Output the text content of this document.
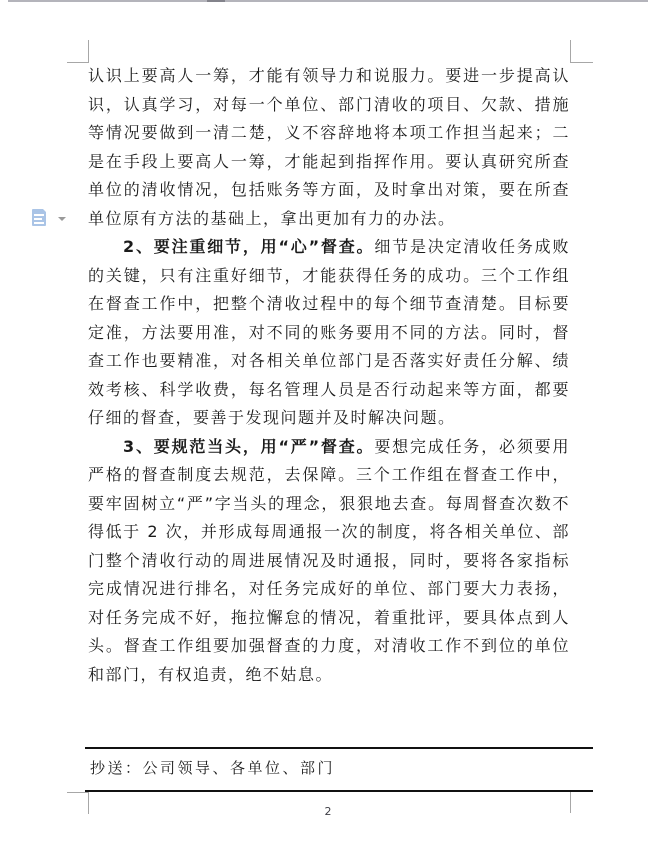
认识上要高人一筹，才能有领导力和说服力。要进一步提高认识，认真学习，对每一个单位、部门清收的项目、欠款、措施等情况要做到一清二楚，义不容辞地将本项工作担当起来；二是在手段上要高人一筹，才能起到指挥作用。要认真研究所查单位的清收情况，包括账务等方面，及时拿出对策，要在所查单位原有方法的基础上，拿出更加有力的办法。

2、要注重细节，用“心”督查。细节是决定清收任务成败的关键，只有注重好细节，才能获得任务的成功。三个工作组在督查工作中，把整个清收过程中的每个细节查清楚。目标要定准，方法要用准，对不同的账务要用不同的方法。同时，督查工作也要精准，对各相关单位部门是否落实好责任分解、绩效考核、科学收费，每名管理人员是否行动起来等方面，都要仔细的督查，要善于发现问题并及时解决问题。

3、要规范当头，用“严”督查。要想完成任务，必须要用严格的督查制度去规范，去保障。三个工作组在督查工作中，要牢固树立“严”字当头的理念，狠狠地去查。每周督查次数不得低于 2 次，并形成每周通报一次的制度，将各相关单位、部门整个清收行动的周进展情况及时通报，同时，要将各家指标完成情况进行排名，对任务完成好的单位、部门要大力表扬，对任务完成不好，拖拉懈怠的情况，着重批评，要具体点到人头。督查工作组要加强督查的力度，对清收工作不到位的单位和部门，有权追责，绝不姑息。

抄送：公司领导、各单位、部门
2
